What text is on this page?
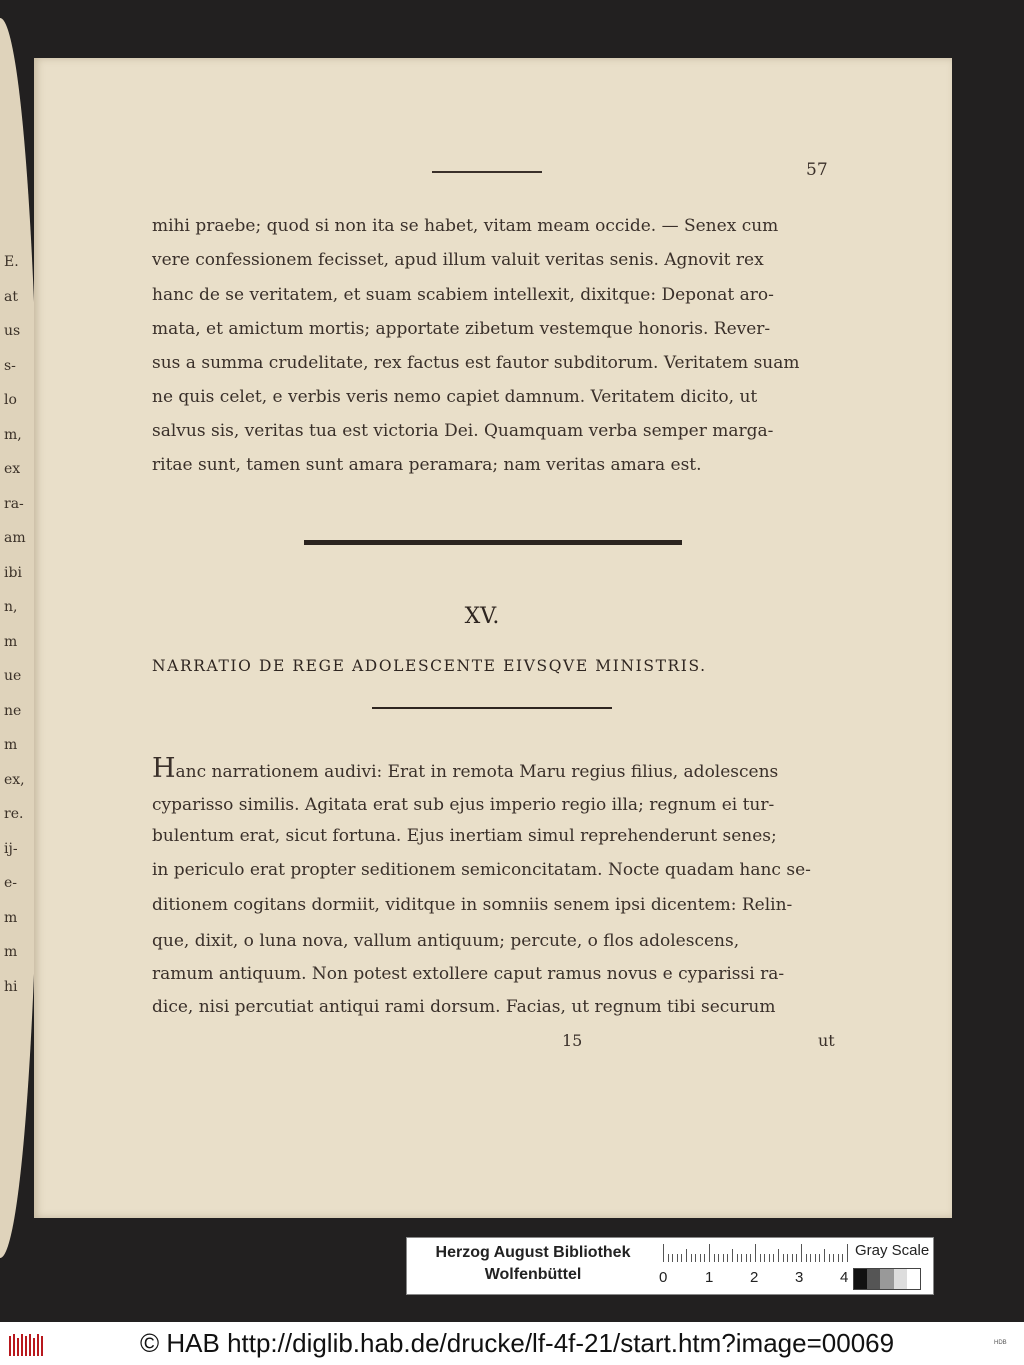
E.
at
us
s-
lo
m,
ex
ra-
am
ibi
n,
m
ue
ne
m
ex,
re.
ij-
e-
m
m
hi
57
mihi praebe; quod si non ita se habet, vitam meam occide. — Senex cum
vere confessionem fecisset, apud illum valuit veritas senis. Agnovit rex
hanc de se veritatem, et suam scabiem intellexit, dixitque: Deponat aro-
mata, et amictum mortis; apportate zibetum vestemque honoris. Rever-
sus a summa crudelitate, rex factus est fautor subditorum. Veritatem suam
ne quis celet, e verbis veris nemo capiet damnum. Veritatem dicito, ut
salvus sis, veritas tua est victoria Dei. Quamquam verba semper marga-
ritae sunt, tamen sunt amara peramara; nam veritas amara est.
XV.
NARRATIO DE REGE ADOLESCENTE EIVSQVE MINISTRIS.
Hanc narrationem audivi: Erat in remota Maru regius filius, adolescens
cyparisso similis. Agitata erat sub ejus imperio regio illa; regnum ei tur-
bulentum erat, sicut fortuna. Ejus inertiam simul reprehenderunt senes;
in periculo erat propter seditionem semiconcitatam. Nocte quadam hanc se-
ditionem cogitans dormiit, viditque in somniis senem ipsi dicentem: Relin-
que, dixit, o luna nova, vallum antiquum; percute, o flos adolescens,
ramum antiquum. Non potest extollere caput ramus novus e cyparissi ra-
dice, nisi percutiat antiqui rami dorsum. Facias, ut regnum tibi securum
15	ut
Herzog August Bibliothek
Wolfenbüttel	0	1 2 3 4
Gray Scale
© HAB http://diglib.hab.de/drucke/lf-4f-21/start.htm?image=00069	HDB
